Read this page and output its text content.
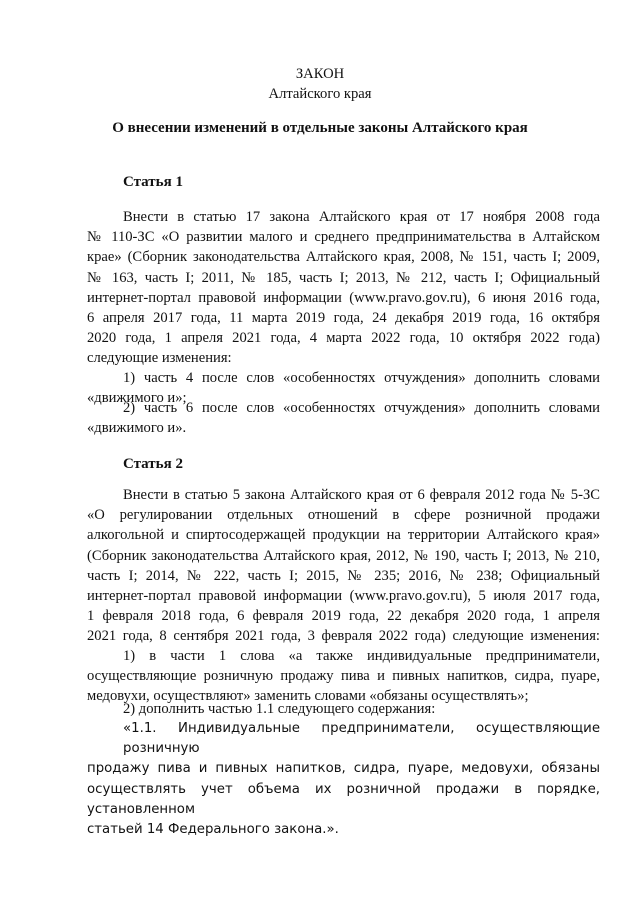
ЗАКОН
Алтайского края
О внесении изменений в отдельные законы Алтайского края
Статья 1
Внести в статью 17 закона Алтайского края от 17 ноября 2008 года
№ 110-ЗС «О развитии малого и среднего предпринимательства в Алтайском
крае» (Сборник законодательства Алтайского края, 2008, № 151, часть I; 2009,
№ 163, часть I; 2011, № 185, часть I; 2013, № 212, часть I; Официальный
интернет-портал правовой информации (www.pravo.gov.ru), 6 июня 2016 года,
6 апреля 2017 года, 11 марта 2019 года, 24 декабря 2019 года, 16 октября
2020 года, 1 апреля 2021 года, 4 марта 2022 года, 10 октября 2022 года)
следующие изменения:
1) часть 4 после слов «особенностях отчуждения» дополнить словами
«движимого и»;
2) часть 6 после слов «особенностях отчуждения» дополнить словами
«движимого и».
Статья 2
Внести в статью 5 закона Алтайского края от 6 февраля 2012 года № 5-ЗС
«О регулировании отдельных отношений в сфере розничной продажи
алкогольной и спиртосодержащей продукции на территории Алтайского края»
(Сборник законодательства Алтайского края, 2012, № 190, часть I; 2013, № 210,
часть I; 2014, № 222, часть I; 2015, № 235; 2016, № 238; Официальный
интернет-портал правовой информации (www.pravo.gov.ru), 5 июля 2017 года,
1 февраля 2018 года, 6 февраля 2019 года, 22 декабря 2020 года, 1 апреля
2021 года, 8 сентября 2021 года, 3 февраля 2022 года) следующие изменения:
1) в части 1 слова «а также индивидуальные предприниматели,
осуществляющие розничную продажу пива и пивных напитков, сидра, пуаре,
медовухи, осуществляют» заменить словами «обязаны осуществлять»;
2) дополнить частью 1.1 следующего содержания:
«1.1. Индивидуальные предприниматели, осуществляющие розничную
продажу пива и пивных напитков, сидра, пуаре, медовухи, обязаны
осуществлять учет объема их розничной продажи в порядке, установленном
статьей 14 Федерального закона.».
